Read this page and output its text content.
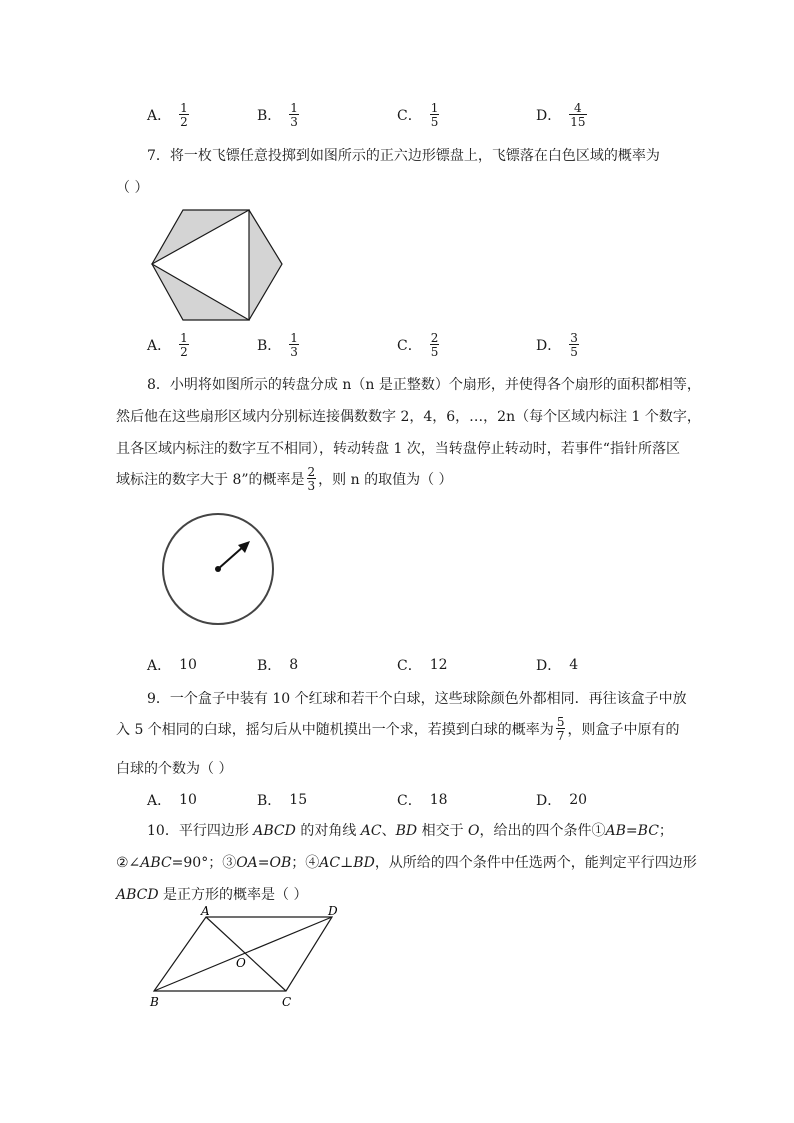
A． $\frac{1}{2}$	B． $\frac{1}{3}$	C． $\frac{1}{5}$	D． $\frac{4}{15}$
7．将一枚飞镖任意投掷到如图所示的正六边形镖盘上，飞镖落在白色区域的概率为
（ ）
A． $\frac{1}{2}$	B． $\frac{1}{3}$	C． $\frac{2}{5}$	D． $\frac{3}{5}$
8．小明将如图所示的转盘分成 n（n 是正整数）个扇形，并使得各个扇形的面积都相等，
然后他在这些扇形区域内分别标连接偶数数字 2，4，6，…，2n（每个区域内标注 1 个数字，
且各区域内标注的数字互不相同），转动转盘 1 次，当转盘停止转动时，若事件“指针所落区
域标注的数字大于 8”的概率是 $\frac{2}{3}$ ，则 n 的取值为（ ）
A． 10	B． 8	C． 12	D． 4
9．一个盒子中装有 10 个红球和若干个白球，这些球除颜色外都相同．再往该盒子中放
入 5 个相同的白球，摇匀后从中随机摸出一个求，若摸到白球的概率为 $\frac{5}{7}$ ，则盒子中原有的
白球的个数为（ ）
A． 10	B． 15	C． 18	D． 20
10．平行四边形 ABCD 的对角线 AC、BD 相交于 O，给出的四个条件①AB=BC；
②∠ABC=90°；③OA=OB；④AC⊥BD，从所给的四个条件中任选两个，能判定平行四边形
ABCD 是正方形的概率是（ ）
A	D
B	C
O
